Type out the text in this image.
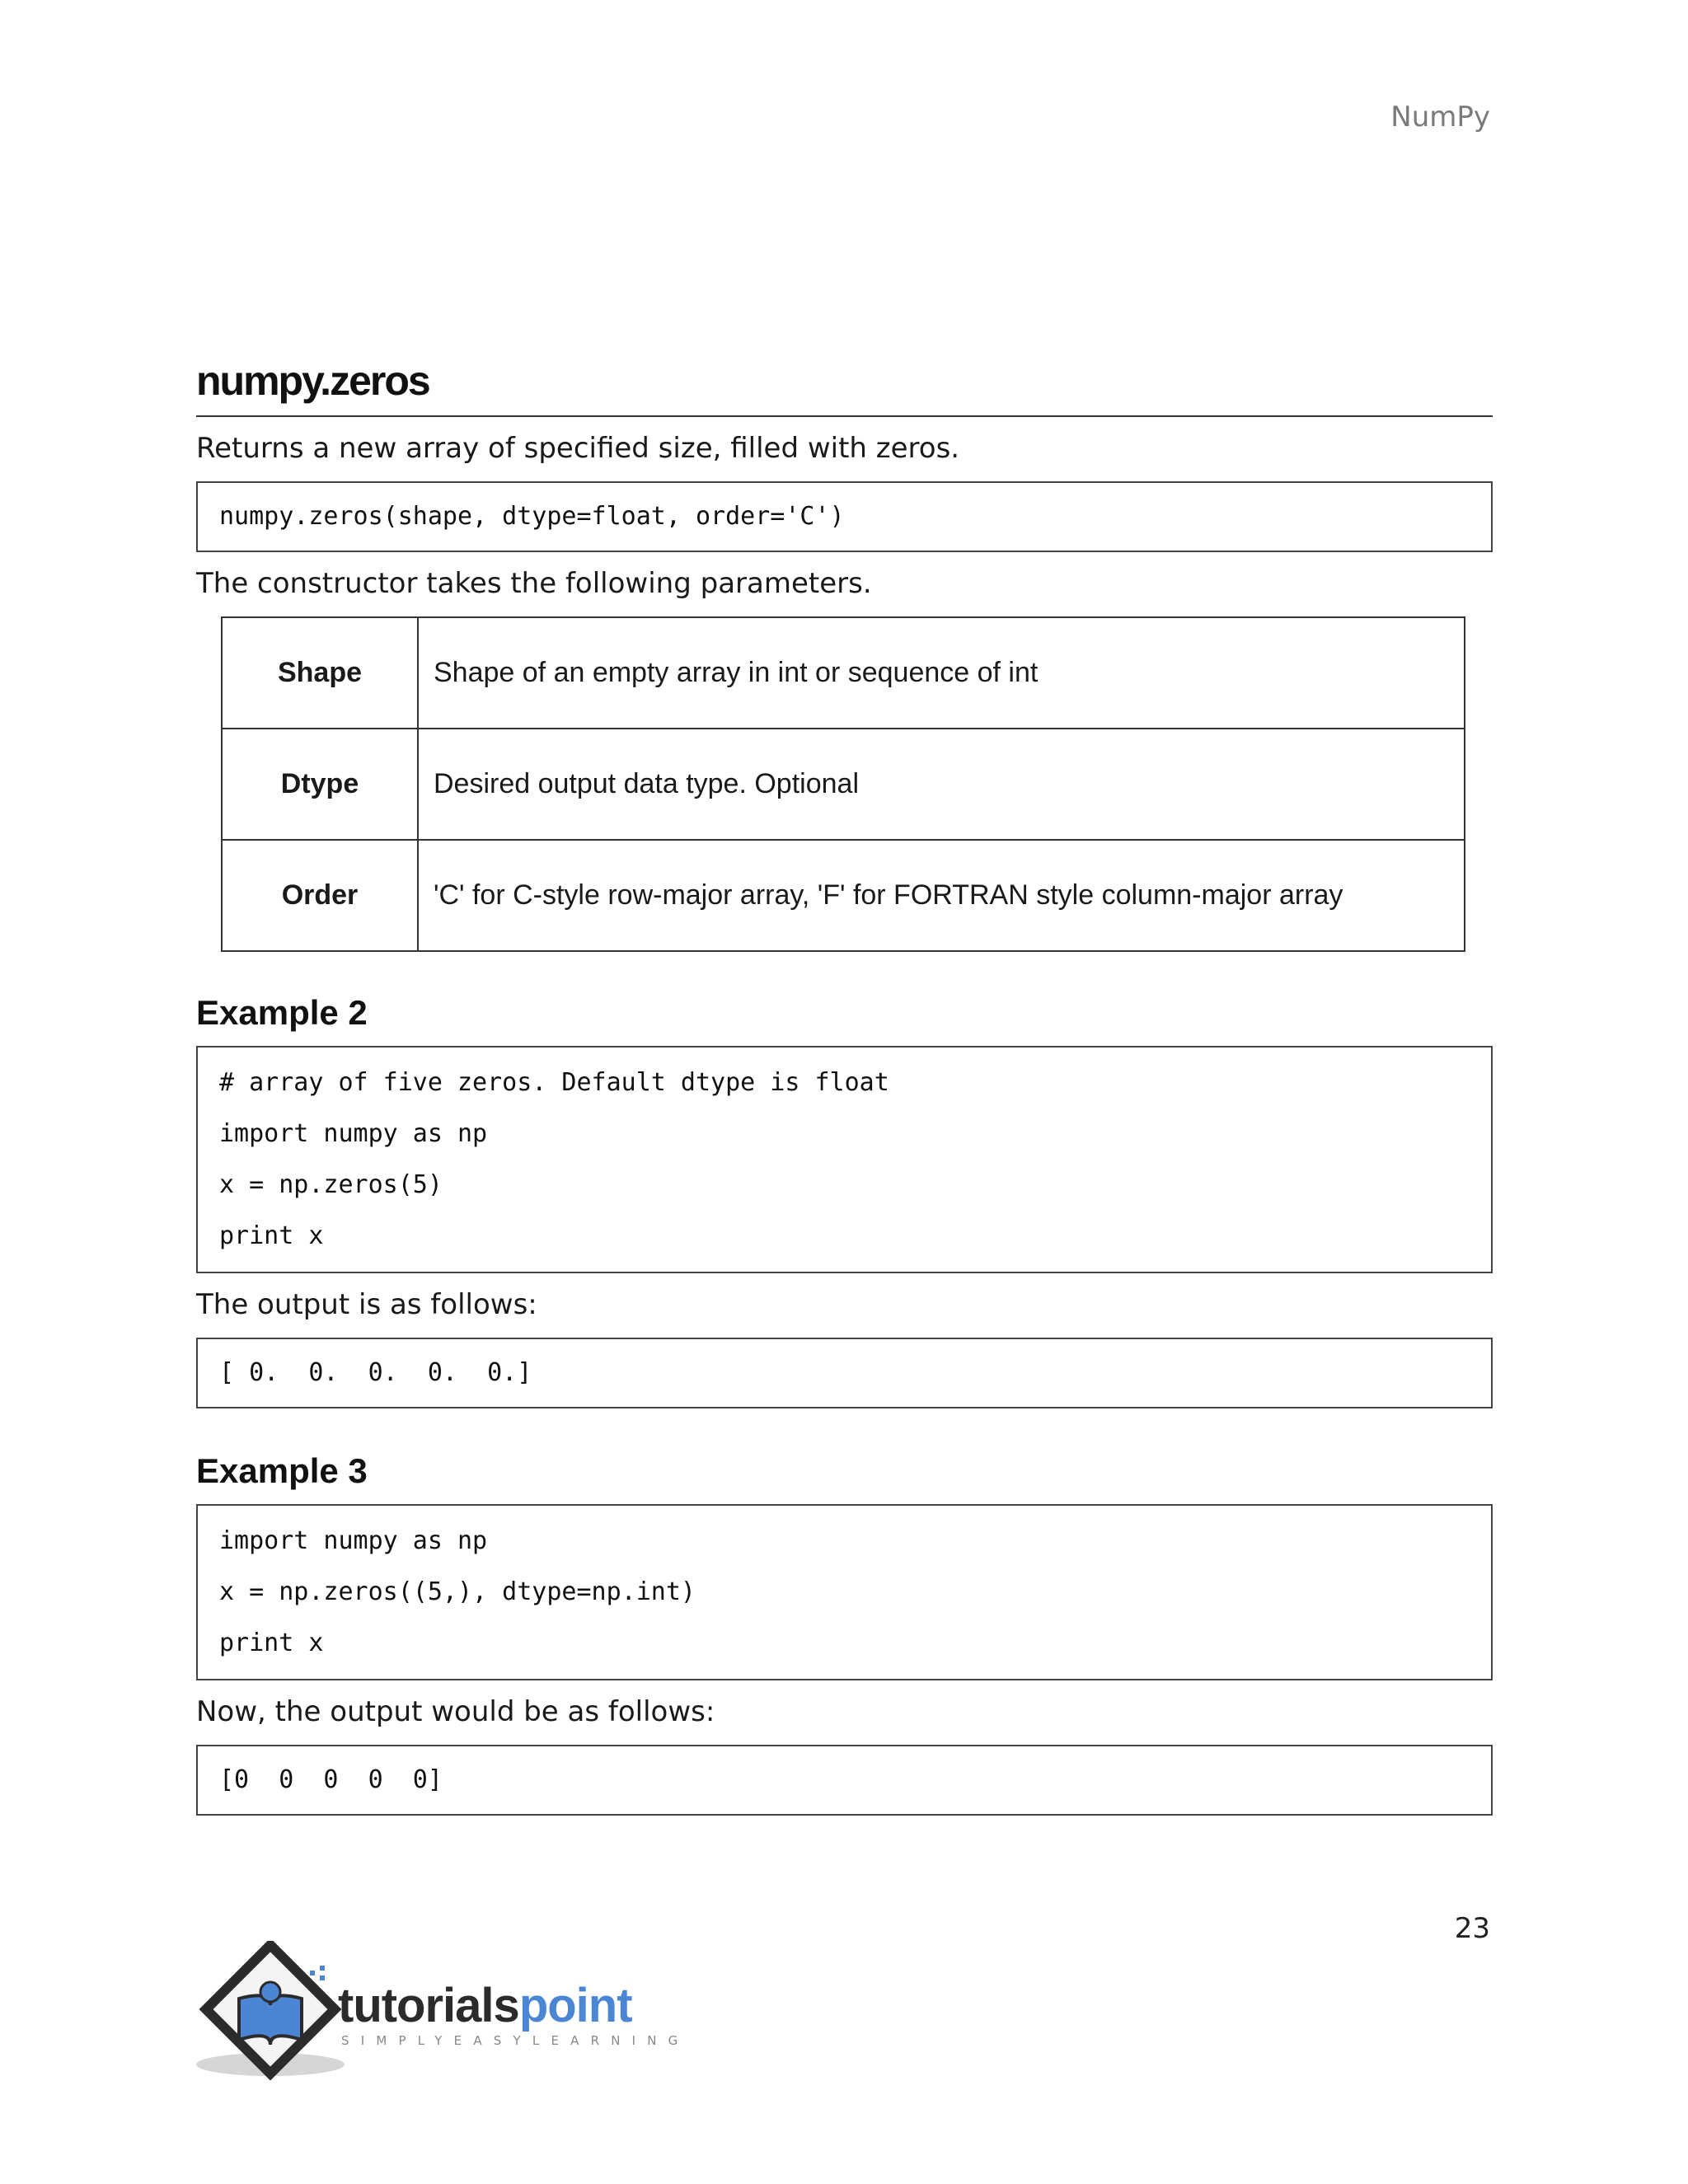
NumPy
numpy.zeros

Returns a new array of specified size, filled with zeros.

numpy.zeros(shape, dtype=float, order='C')

The constructor takes the following parameters.

Shape	Shape of an empty array in int or sequence of int
Dtype	Desired output data type. Optional
Order	'C' for C-style row-major array, 'F' for FORTRAN style column-major array
Example 2
# array of five zeros. Default dtype is float
import numpy as np
x = np.zeros(5)
print x

The output is as follows:

[ 0.  0.  0.  0.  0.]
Example 3
import numpy as np
x = np.zeros((5,), dtype=np.int)
print x

Now, the output would be as follows:

[0  0  0  0  0]
23
tutorialspoint
SIMPLYEASYLEARNING
